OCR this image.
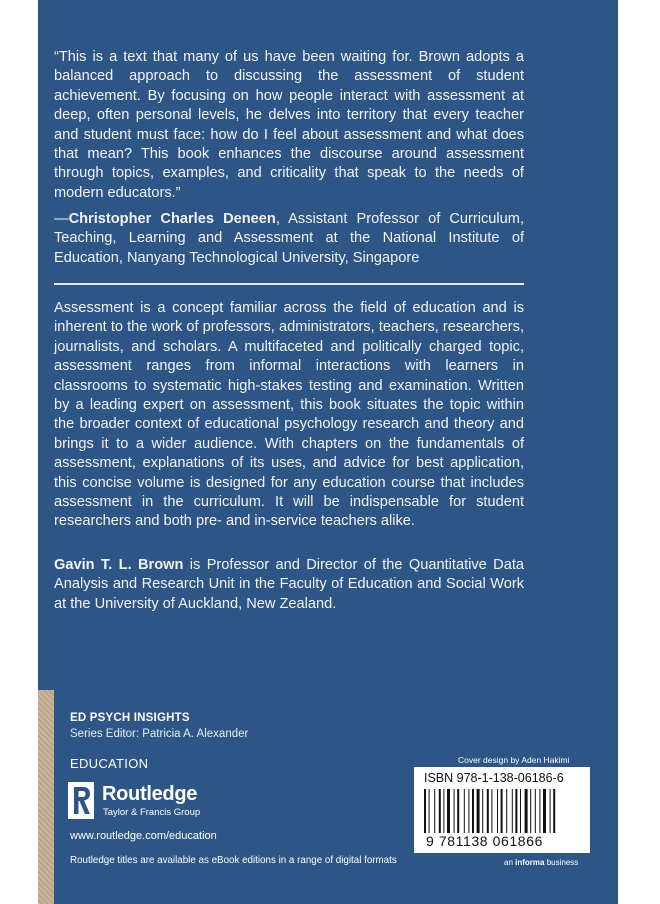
“This is a text that many of us have been waiting for. Brown adopts a balanced approach to discussing the assessment of student achievement. By focusing on how people interact with assessment at deep, often personal levels, he delves into territory that every teacher and student must face: how do I feel about assessment and what does that mean? This book enhances the discourse around assessment through topics, examples, and criticality that speak to the needs of modern educators.”

—Christopher Charles Deneen, Assistant Professor of Curriculum, Teaching, Learning and Assessment at the National Institute of Education, Nanyang Technological University, Singapore

Assessment is a concept familiar across the field of education and is inherent to the work of professors, administrators, teachers, researchers, journalists, and scholars. A multifaceted and politically charged topic, assessment ranges from informal interactions with learners in classrooms to systematic high-stakes testing and examination. Written by a leading expert on assessment, this book situates the topic within the broader context of educational psychology research and theory and brings it to a wider audience. With chapters on the fundamentals of assessment, explanations of its uses, and advice for best application, this concise volume is designed for any education course that includes assessment in the curriculum. It will be indispensable for student researchers and both pre- and in-service teachers alike.

Gavin T. L. Brown is Professor and Director of the Quantitative Data Analysis and Research Unit in the Faculty of Education and Social Work at the University of Auckland, New Zealand.

ED PSYCH INSIGHTS
Series Editor: Patricia A. Alexander
EDUCATION
Routledge
Taylor & Francis Group
www.routledge.com/education
Routledge titles are available as eBook editions in a range of digital formats
Cover design by Aden Hakimi
ISBN 978-1-138-06186-6
9 781138 061866
an informa business
